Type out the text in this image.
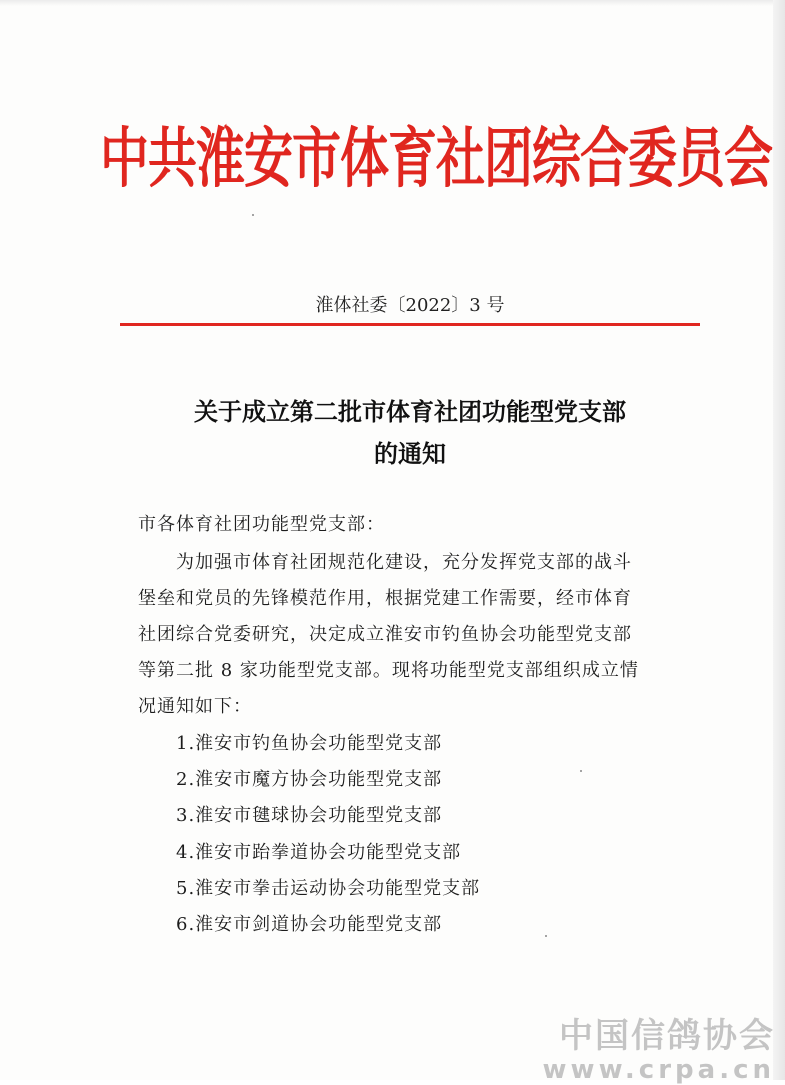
中共淮安市体育社团综合委员会
淮体社委〔2022〕3 号
关于成立第二批市体育社团功能型党支部
的通知
市各体育社团功能型党支部：
　　为加强市体育社团规范化建设，充分发挥党支部的战斗
堡垒和党员的先锋模范作用，根据党建工作需要，经市体育
社团综合党委研究，决定成立淮安市钓鱼协会功能型党支部
等第二批 8 家功能型党支部。现将功能型党支部组织成立情
况通知如下：
1.淮安市钓鱼协会功能型党支部
2.淮安市魔方协会功能型党支部
3.淮安市毽球协会功能型党支部
4.淮安市跆拳道协会功能型党支部
5.淮安市拳击运动协会功能型党支部
6.淮安市剑道协会功能型党支部
中国信鸽协会
www.crpa.cn
